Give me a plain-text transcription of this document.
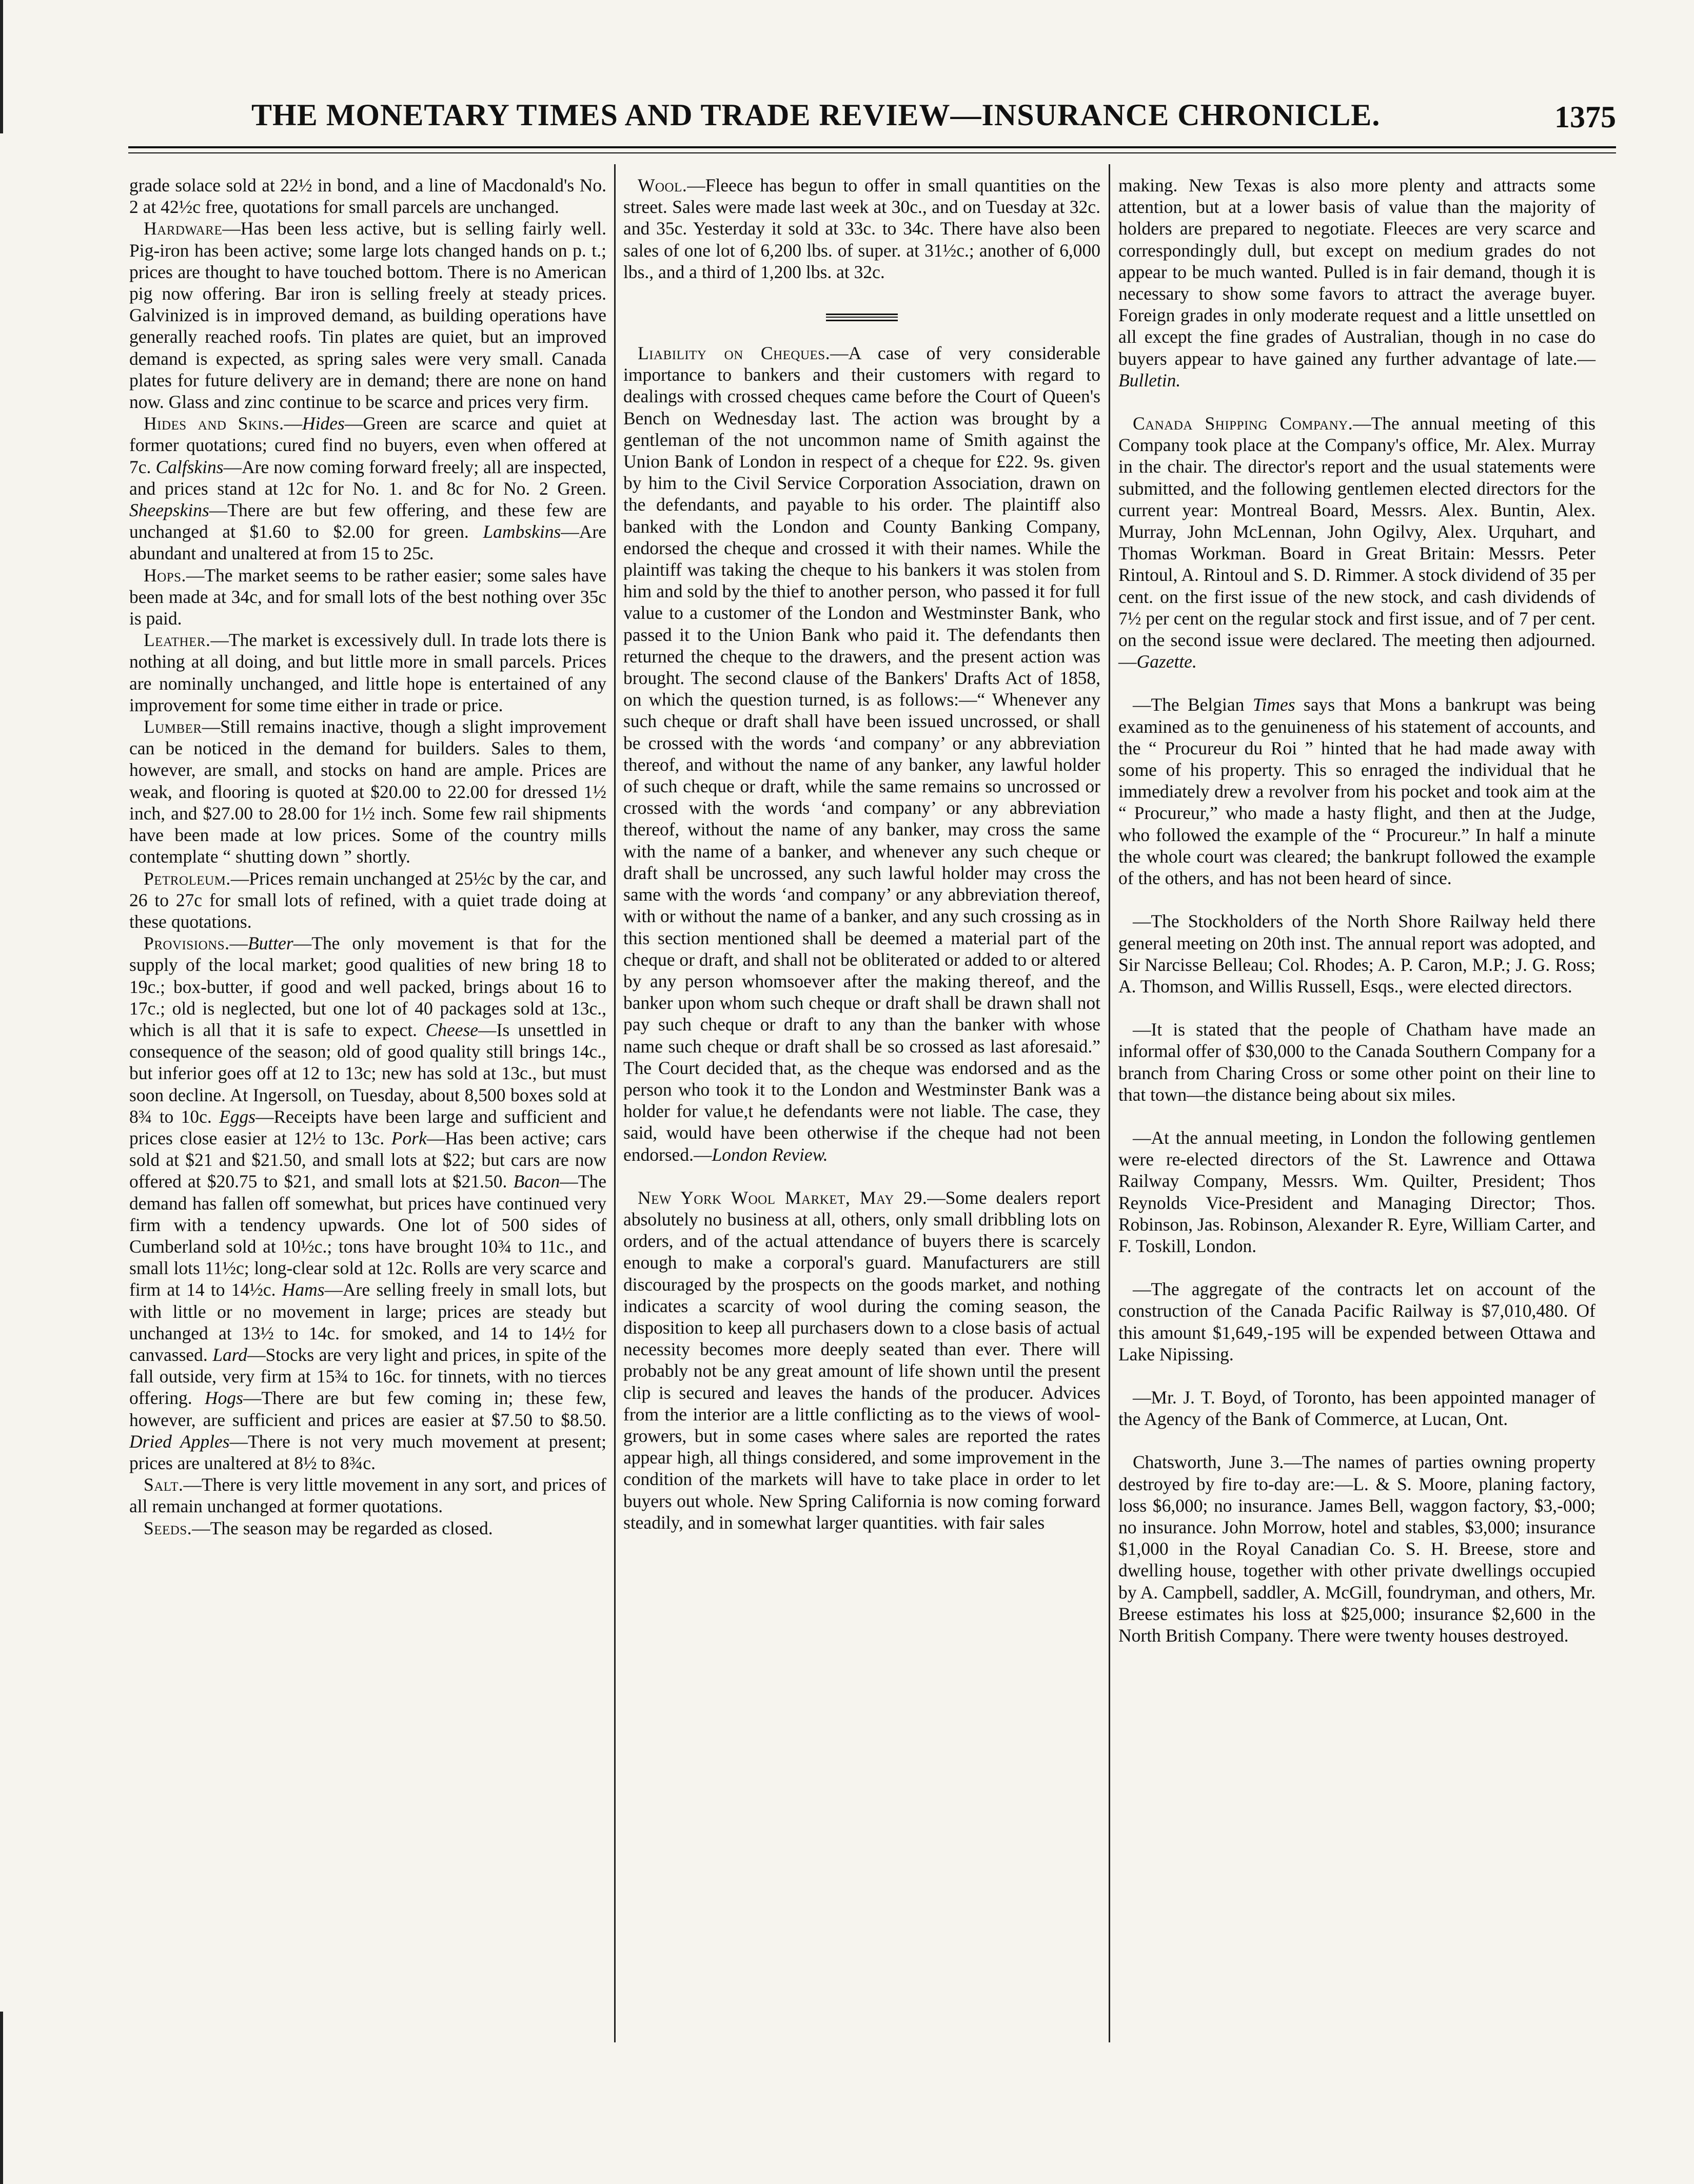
THE MONETARY TIMES AND TRADE REVIEW—INSURANCE CHRONICLE.	1375

grade solace sold at 22½ in bond, and a line of Macdonald's No. 2 at 42½c free, quotations for small parcels are unchanged.

Hardware—Has been less active, but is selling fairly well. Pig-iron has been active; some large lots changed hands on p. t.; prices are thought to have touched bottom. There is no American pig now offering. Bar iron is selling freely at steady prices. Galvinized is in improved demand, as building operations have generally reached roofs. Tin plates are quiet, but an improved demand is expected, as spring sales were very small. Canada plates for future delivery are in demand; there are none on hand now. Glass and zinc continue to be scarce and prices very firm.

Hides and Skins.—Hides—Green are scarce and quiet at former quotations; cured find no buyers, even when offered at 7c. Calfskins—Are now coming forward freely; all are inspected, and prices stand at 12c for No. 1. and 8c for No. 2 Green. Sheepskins—There are but few offering, and these few are unchanged at $1.60 to $2.00 for green. Lambskins—Are abundant and unaltered at from 15 to 25c.

Hops.—The market seems to be rather easier; some sales have been made at 34c, and for small lots of the best nothing over 35c is paid.

Leather.—The market is excessively dull. In trade lots there is nothing at all doing, and but little more in small parcels. Prices are nominally unchanged, and little hope is entertained of any improvement for some time either in trade or price.

Lumber—Still remains inactive, though a slight improvement can be noticed in the demand for builders. Sales to them, however, are small, and stocks on hand are ample. Prices are weak, and flooring is quoted at $20.00 to 22.00 for dressed 1½ inch, and $27.00 to 28.00 for 1½ inch. Some few rail shipments have been made at low prices. Some of the country mills contemplate “ shutting down ” shortly.

Petroleum.—Prices remain unchanged at 25½c by the car, and 26 to 27c for small lots of refined, with a quiet trade doing at these quotations.

Provisions.—Butter—The only movement is that for the supply of the local market; good qualities of new bring 18 to 19c.; box-butter, if good and well packed, brings about 16 to 17c.; old is neglected, but one lot of 40 packages sold at 13c., which is all that it is safe to expect. Cheese—Is unsettled in consequence of the season; old of good quality still brings 14c., but inferior goes off at 12 to 13c; new has sold at 13c., but must soon decline. At Ingersoll, on Tuesday, about 8,500 boxes sold at 8¾ to 10c. Eggs—Receipts have been large and sufficient and prices close easier at 12½ to 13c. Pork—Has been active; cars sold at $21 and $21.50, and small lots at $22; but cars are now offered at $20.75 to $21, and small lots at $21.50. Bacon—The demand has fallen off somewhat, but prices have continued very firm with a tendency upwards. One lot of 500 sides of Cumberland sold at 10½c.; tons have brought 10¾ to 11c., and small lots 11½c; long-clear sold at 12c. Rolls are very scarce and firm at 14 to 14½c. Hams—Are selling freely in small lots, but with little or no movement in large; prices are steady but unchanged at 13½ to 14c. for smoked, and 14 to 14½ for canvassed. Lard—Stocks are very light and prices, in spite of the fall outside, very firm at 15¾ to 16c. for tinnets, with no tierces offering. Hogs—There are but few coming in; these few, however, are sufficient and prices are easier at $7.50 to $8.50. Dried Apples—There is not very much movement at present; prices are unaltered at 8½ to 8¾c.

Salt.—There is very little movement in any sort, and prices of all remain unchanged at former quotations.

Seeds.—The season may be regarded as closed.

Wool.—Fleece has begun to offer in small quantities on the street. Sales were made last week at 30c., and on Tuesday at 32c. and 35c. Yesterday it sold at 33c. to 34c. There have also been sales of one lot of 6,200 lbs. of super. at 31½c.; another of 6,000 lbs., and a third of 1,200 lbs. at 32c.

Liability on Cheques.—A case of very considerable importance to bankers and their customers with regard to dealings with crossed cheques came before the Court of Queen's Bench on Wednesday last. The action was brought by a gentleman of the not uncommon name of Smith against the Union Bank of London in respect of a cheque for £22. 9s. given by him to the Civil Service Corporation Association, drawn on the defendants, and payable to his order. The plaintiff also banked with the London and County Banking Company, endorsed the cheque and crossed it with their names. While the plaintiff was taking the cheque to his bankers it was stolen from him and sold by the thief to another person, who passed it for full value to a customer of the London and Westminster Bank, who passed it to the Union Bank who paid it. The defendants then returned the cheque to the drawers, and the present action was brought. The second clause of the Bankers' Drafts Act of 1858, on which the question turned, is as follows:—“ Whenever any such cheque or draft shall have been issued uncrossed, or shall be crossed with the words ‘and company’ or any abbreviation thereof, and without the name of any banker, any lawful holder of such cheque or draft, while the same remains so uncrossed or crossed with the words ‘and company’ or any abbreviation thereof, without the name of any banker, may cross the same with the name of a banker, and whenever any such cheque or draft shall be uncrossed, any such lawful holder may cross the same with the words ‘and company’ or any abbreviation thereof, with or without the name of a banker, and any such crossing as in this section mentioned shall be deemed a material part of the cheque or draft, and shall not be obliterated or added to or altered by any person whomsoever after the making thereof, and the banker upon whom such cheque or draft shall be drawn shall not pay such cheque or draft to any than the banker with whose name such cheque or draft shall be so crossed as last aforesaid.” The Court decided that, as the cheque was endorsed and as the person who took it to the London and Westminster Bank was a holder for value,t he defendants were not liable. The case, they said, would have been otherwise if the cheque had not been endorsed.—London Review.

New York Wool Market, May 29.—Some dealers report absolutely no business at all, others, only small dribbling lots on orders, and of the actual attendance of buyers there is scarcely enough to make a corporal's guard. Manufacturers are still discouraged by the prospects on the goods market, and nothing indicates a scarcity of wool during the coming season, the disposition to keep all purchasers down to a close basis of actual necessity becomes more deeply seated than ever. There will probably not be any great amount of life shown until the present clip is secured and leaves the hands of the producer. Advices from the interior are a little conflicting as to the views of wool-growers, but in some cases where sales are reported the rates appear high, all things considered, and some improvement in the condition of the markets will have to take place in order to let buyers out whole. New Spring California is now coming forward steadily, and in somewhat larger quantities. with fair sales

making. New Texas is also more plenty and attracts some attention, but at a lower basis of value than the majority of holders are prepared to negotiate. Fleeces are very scarce and correspondingly dull, but except on medium grades do not appear to be much wanted. Pulled is in fair demand, though it is necessary to show some favors to attract the average buyer. Foreign grades in only moderate request and a little unsettled on all except the fine grades of Australian, though in no case do buyers appear to have gained any further advantage of late.—Bulletin.

Canada Shipping Company.—The annual meeting of this Company took place at the Company's office, Mr. Alex. Murray in the chair. The director's report and the usual statements were submitted, and the following gentlemen elected directors for the current year: Montreal Board, Messrs. Alex. Buntin, Alex. Murray, John McLennan, John Ogilvy, Alex. Urquhart, and Thomas Workman. Board in Great Britain: Messrs. Peter Rintoul, A. Rintoul and S. D. Rimmer. A stock dividend of 35 per cent. on the first issue of the new stock, and cash dividends of 7½ per cent on the regular stock and first issue, and of 7 per cent. on the second issue were declared. The meeting then adjourned.—Gazette.

—The Belgian Times says that Mons a bankrupt was being examined as to the genuineness of his statement of accounts, and the “ Procureur du Roi ” hinted that he had made away with some of his property. This so enraged the individual that he immediately drew a revolver from his pocket and took aim at the “ Procureur,” who made a hasty flight, and then at the Judge, who followed the example of the “ Procureur.” In half a minute the whole court was cleared; the bankrupt followed the example of the others, and has not been heard of since.

—The Stockholders of the North Shore Railway held there general meeting on 20th inst. The annual report was adopted, and Sir Narcisse Belleau; Col. Rhodes; A. P. Caron, M.P.; J. G. Ross; A. Thomson, and Willis Russell, Esqs., were elected directors.

—It is stated that the people of Chatham have made an informal offer of $30,000 to the Canada Southern Company for a branch from Charing Cross or some other point on their line to that town—the distance being about six miles.

—At the annual meeting, in London the following gentlemen were re-elected directors of the St. Lawrence and Ottawa Railway Company, Messrs. Wm. Quilter, President; Thos Reynolds Vice-President and Managing Director; Thos. Robinson, Jas. Robinson, Alexander R. Eyre, William Carter, and F. Toskill, London.

—The aggregate of the contracts let on account of the construction of the Canada Pacific Railway is $7,010,480. Of this amount $1,649,-195 will be expended between Ottawa and Lake Nipissing.

—Mr. J. T. Boyd, of Toronto, has been appointed manager of the Agency of the Bank of Commerce, at Lucan, Ont.

Chatsworth, June 3.—The names of parties owning property destroyed by fire to-day are:—L. & S. Moore, planing factory, loss $6,000; no insurance. James Bell, waggon factory, $3,-000; no insurance. John Morrow, hotel and stables, $3,000; insurance $1,000 in the Royal Canadian Co. S. H. Breese, store and dwelling house, together with other private dwellings occupied by A. Campbell, saddler, A. McGill, foundryman, and others, Mr. Breese estimates his loss at $25,000; insurance $2,600 in the North British Company. There were twenty houses destroyed.
